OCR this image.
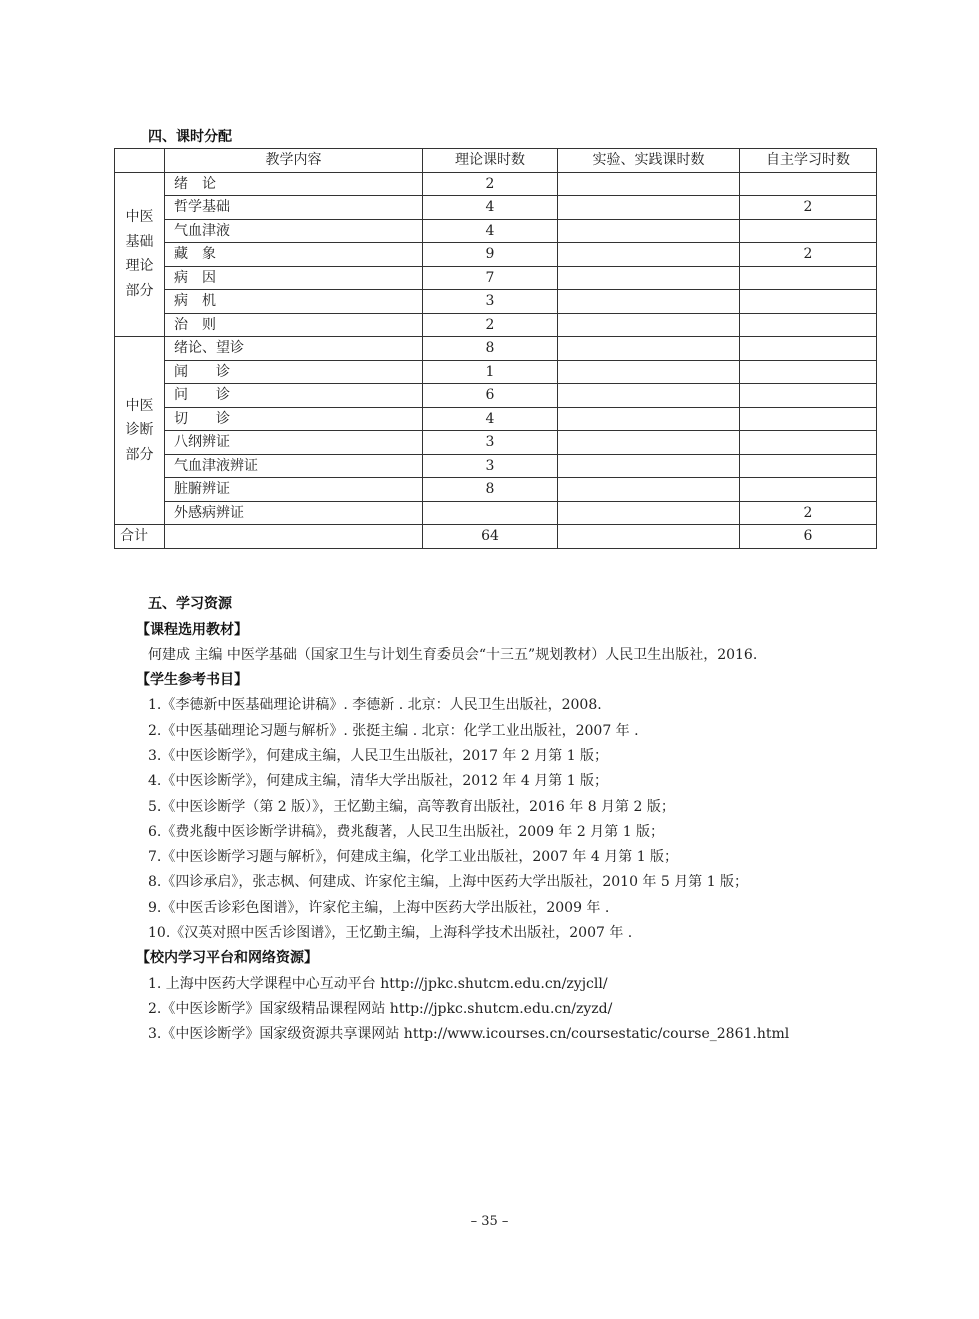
四、课时分配
	教学内容	理论课时数	实验、实践课时数	自主学习时数
中医基础理论部分	绪　论	2		
	哲学基础	4		2
	气血津液	4		
	藏　象	9		2
	病　因	7		
	病　机	3		
	治　则	2		
中医诊断部分	绪论、望诊	8		
	闻　　诊	1		
	问　　诊	6		
	切　　诊	4		
	八纲辨证	3		
	气血津液辨证	3		
	脏腑辨证	8		
	外感病辨证			2
合计		64		6
五、学习资源
【课程选用教材】
何建成 主编 中医学基础（国家卫生与计划生育委员会“十三五”规划教材）人民卫生出版社，2016.
【学生参考书目】
1.《李德新中医基础理论讲稿》. 李德新 . 北京：人民卫生出版社，2008.
2.《中医基础理论习题与解析》. 张挺主编 . 北京：化学工业出版社，2007 年 .
3.《中医诊断学》，何建成主编，人民卫生出版社，2017 年 2 月第 1 版；
4.《中医诊断学》，何建成主编，清华大学出版社，2012 年 4 月第 1 版；
5.《中医诊断学（第 2 版）》，王忆勤主编，高等教育出版社，2016 年 8 月第 2 版；
6.《费兆馥中医诊断学讲稿》，费兆馥著，人民卫生出版社，2009 年 2 月第 1 版；
7.《中医诊断学习题与解析》，何建成主编，化学工业出版社，2007 年 4 月第 1 版；
8.《四诊承启》，张志枫、何建成、许家佗主编，上海中医药大学出版社，2010 年 5 月第 1 版；
9.《中医舌诊彩色图谱》，许家佗主编，上海中医药大学出版社，2009 年 .
10.《汉英对照中医舌诊图谱》，王忆勤主编，上海科学技术出版社，2007 年 .
【校内学习平台和网络资源】
1. 上海中医药大学课程中心互动平台 http://jpkc.shutcm.edu.cn/zyjcll/
2.《中医诊断学》国家级精品课程网站 http://jpkc.shutcm.edu.cn/zyzd/
3.《中医诊断学》国家级资源共享课网站 http://www.icourses.cn/coursestatic/course_2861.html
– 35 –
